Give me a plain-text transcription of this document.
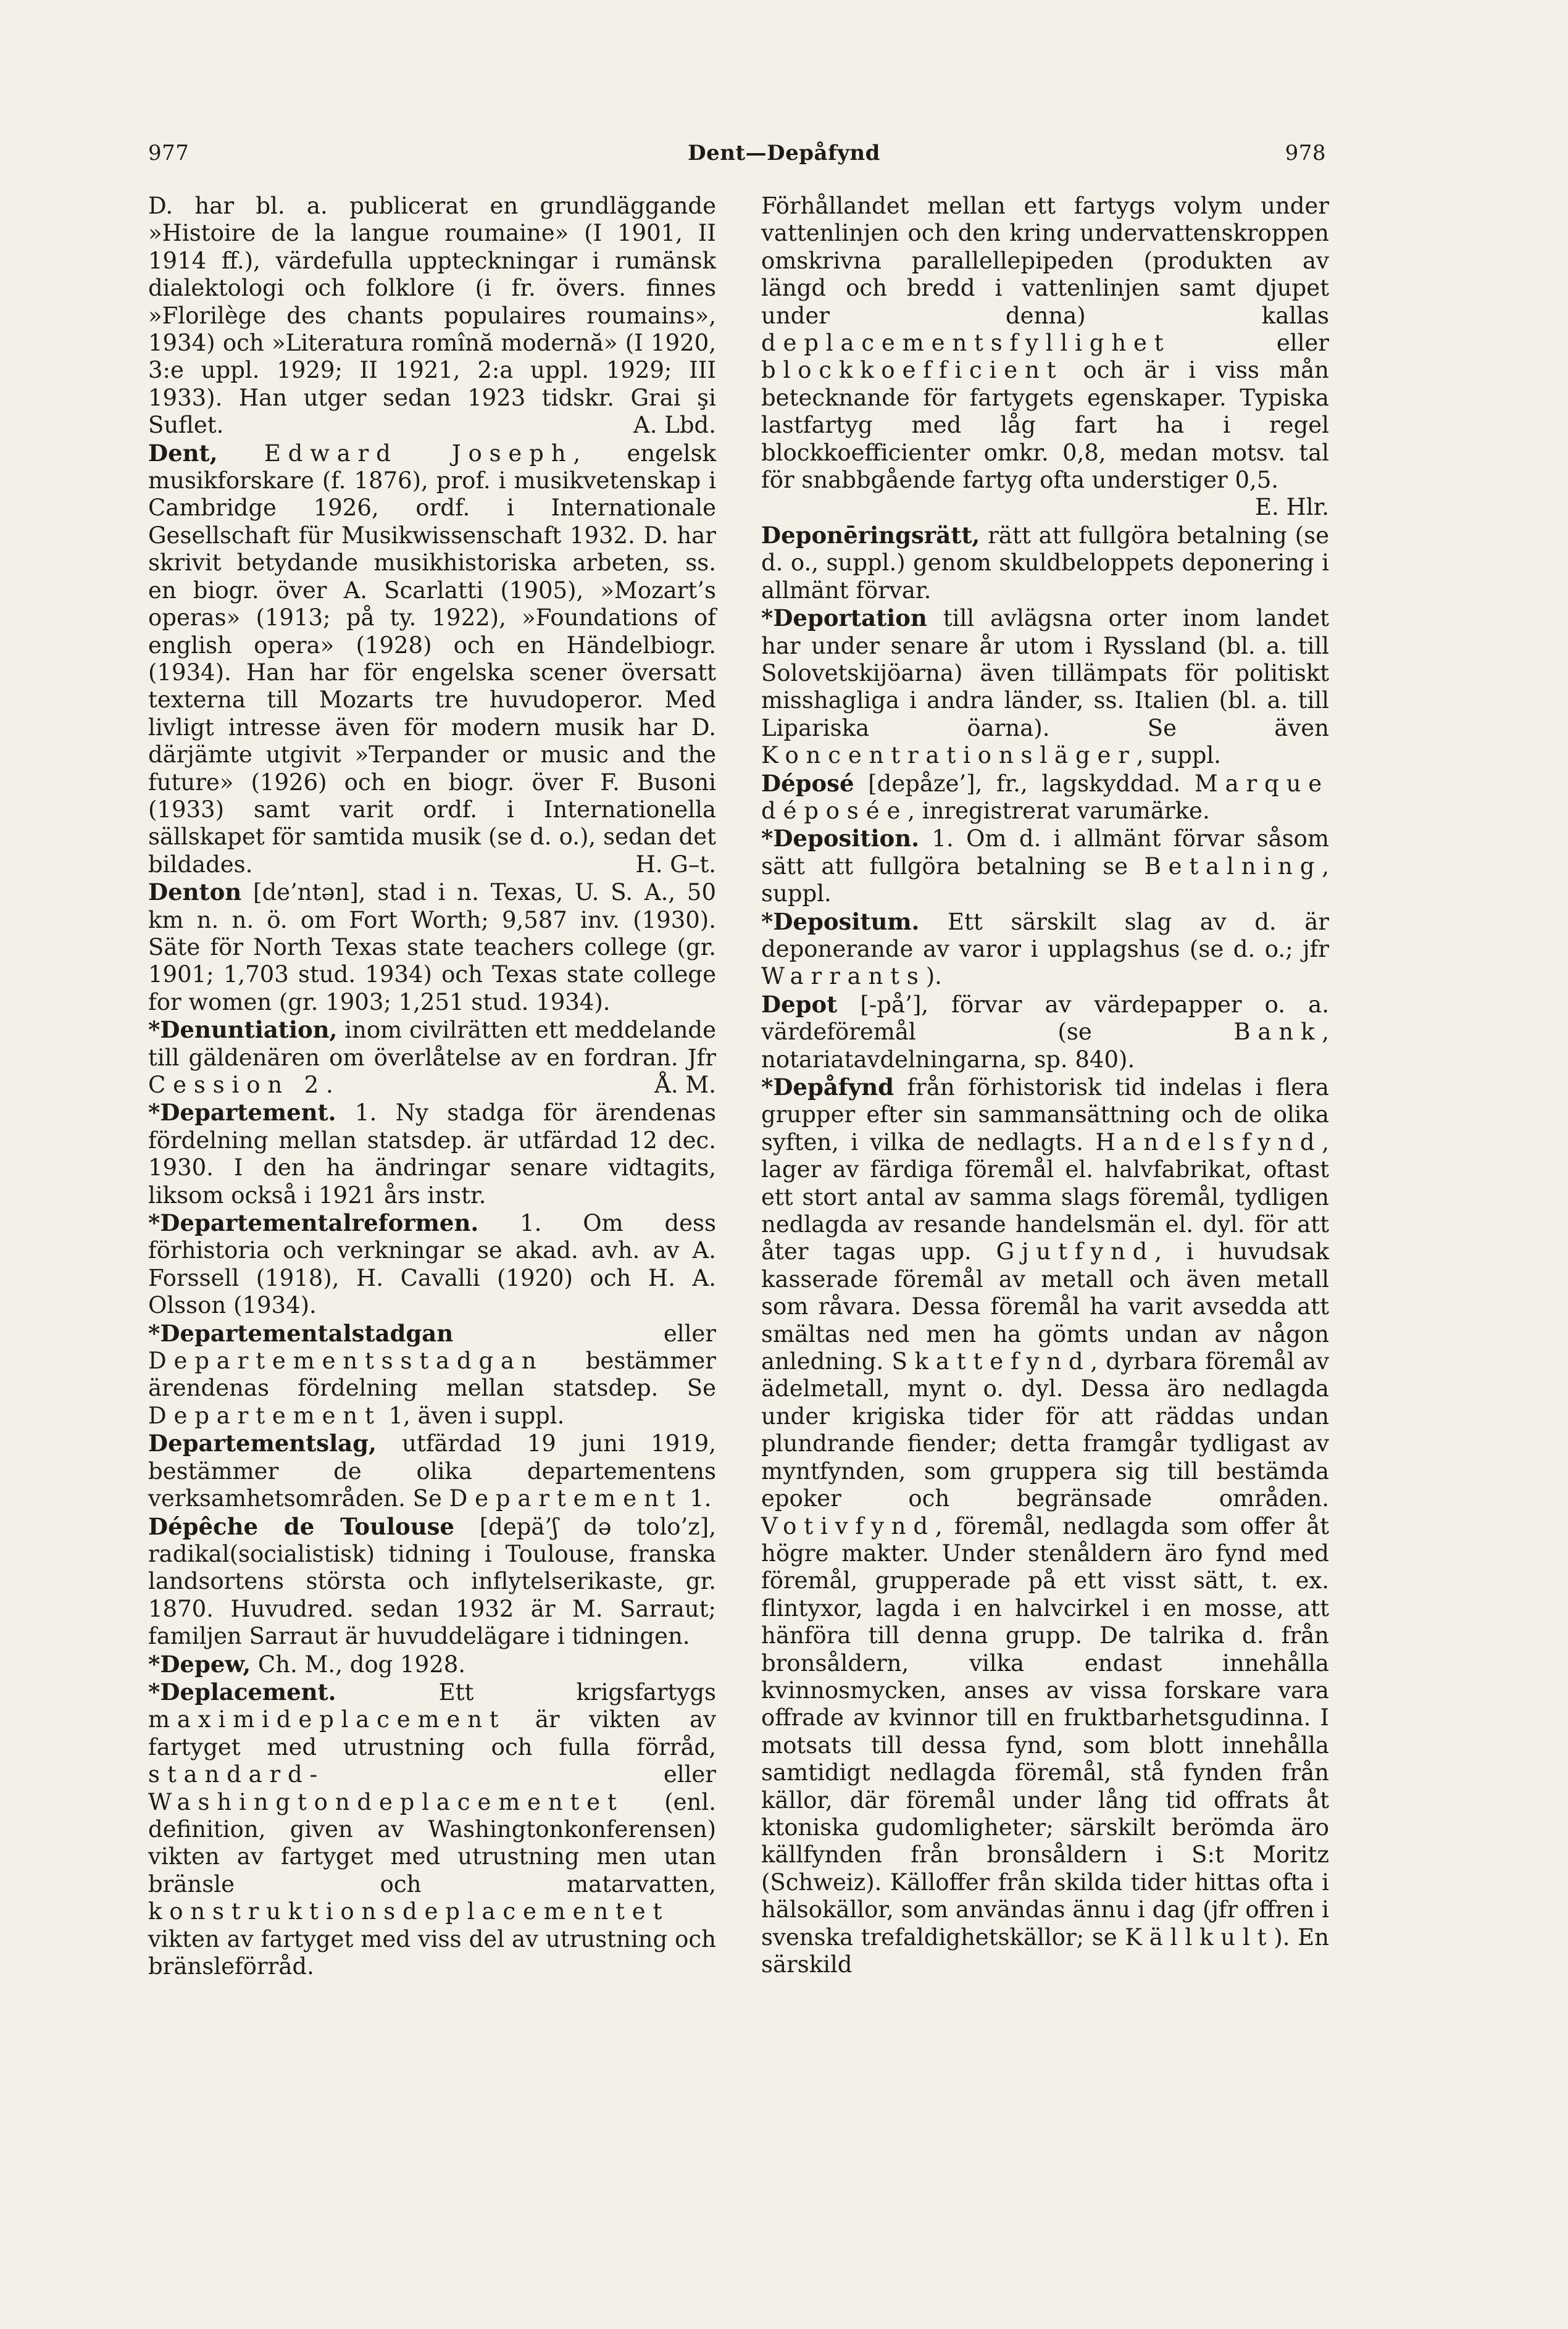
977	Dent—Depåfynd	978

D. har bl. a. publicerat en grundläggande »Histoire de la langue roumaine» (I 1901, II 1914 ff.), värdefulla uppteckningar i rumänsk dialektologi och folklore (i fr. övers. finnes »Florilège des chants populaires roumains», 1934) och »Literatura romînă modernă» (I 1920, 3:e uppl. 1929; II 1921, 2:a uppl. 1929; III 1933). Han utger sedan 1923 tidskr. Grai şi Suflet.	A. Lbd.

Dent, Edward Joseph, engelsk musikforskare (f. 1876), prof. i musikvetenskap i Cambridge 1926, ordf. i Internationale Gesellschaft für Musikwissenschaft 1932. D. har skrivit betydande musikhistoriska arbeten, ss. en biogr. över A. Scarlatti (1905), »Mozart’s operas» (1913; på ty. 1922), »Foundations of english opera» (1928) och en Händelbiogr. (1934). Han har för engelska scener översatt texterna till Mozarts tre huvudoperor. Med livligt intresse även för modern musik har D. därjämte utgivit »Terpander or music and the future» (1926) och en biogr. över F. Busoni (1933) samt varit ordf. i Internationella sällskapet för samtida musik (se d. o.), sedan det bildades.	H. G–t.

Denton [de’ntən], stad i n. Texas, U. S. A., 50 km n. n. ö. om Fort Worth; 9,587 inv. (1930). Säte för North Texas state teachers college (gr. 1901; 1,703 stud. 1934) och Texas state college for women (gr. 1903; 1,251 stud. 1934).

*Denuntiation, inom civilrätten ett meddelande till gäldenären om överlåtelse av en fordran. Jfr Cession 2.	Å. M.

*Departement. 1. Ny stadga för ärendenas fördelning mellan statsdep. är utfärdad 12 dec. 1930. I den ha ändringar senare vidtagits, liksom också i 1921 års instr.

*Departementalreformen. 1. Om dess förhistoria och verkningar se akad. avh. av A. Forssell (1918), H. Cavalli (1920) och H. A. Olsson (1934).

*Departementalstadgan eller Departementsstadgan bestämmer ärendenas fördelning mellan statsdep. Se Departement 1, även i suppl.

Departementslag, utfärdad 19 juni 1919, bestämmer de olika departementens verksamhetsområden. Se Departement 1.

Dépêche de Toulouse [depä’ʃ də tolo’z], radikal(socialistisk) tidning i Toulouse, franska landsortens största och inflytelserikaste, gr. 1870. Huvudred. sedan 1932 är M. Sarraut; familjen Sarraut är huvuddelägare i tidningen.

*Depew, Ch. M., dog 1928.

*Deplacement. Ett krigsfartygs maximideplacement är vikten av fartyget med utrustning och fulla förråd, standard- eller Washingtondeplacementet (enl. definition, given av Washingtonkonferensen) vikten av fartyget med utrustning men utan bränsle och matarvatten, konstruktionsdeplacementet vikten av fartyget med viss del av utrustning och bränsleförråd.

Förhållandet mellan ett fartygs volym under vattenlinjen och den kring undervattenskroppen omskrivna parallellepipeden (produkten av längd och bredd i vattenlinjen samt djupet under denna) kallas deplacementsfyllighet eller blockkoefficient och är i viss mån betecknande för fartygets egenskaper. Typiska lastfartyg med låg fart ha i regel blockkoefficienter omkr. 0,8, medan motsv. tal för snabbgående fartyg ofta understiger 0,5.
E. Hlr.

Deponēringsrätt, rätt att fullgöra betalning (se d. o., suppl.) genom skuldbeloppets deponering i allmänt förvar.

*Deportation till avlägsna orter inom landet har under senare år utom i Ryssland (bl. a. till Solovetskijöarna) även tillämpats för politiskt misshagliga i andra länder, ss. Italien (bl. a. till Lipariska öarna). Se även Koncentrationsläger, suppl.

Déposé [depåze’], fr., lagskyddad. Marque déposée, inregistrerat varumärke.

*Deposition. 1. Om d. i allmänt förvar såsom sätt att fullgöra betalning se Betalning, suppl.

*Depositum. Ett särskilt slag av d. är deponerande av varor i upplagshus (se d. o.; jfr Warrants).

Depot [-på’], förvar av värdepapper o. a. värdeföremål (se Bank, notariatavdelningarna, sp. 840).

*Depåfynd från förhistorisk tid indelas i flera grupper efter sin sammansättning och de olika syften, i vilka de nedlagts. Handelsfynd, lager av färdiga föremål el. halvfabrikat, oftast ett stort antal av samma slags föremål, tydligen nedlagda av resande handelsmän el. dyl. för att åter tagas upp. Gjutfynd, i huvudsak kasserade föremål av metall och även metall som råvara. Dessa föremål ha varit avsedda att smältas ned men ha gömts undan av någon anledning. Skattefynd, dyrbara föremål av ädelmetall, mynt o. dyl. Dessa äro nedlagda under krigiska tider för att räddas undan plundrande fiender; detta framgår tydligast av myntfynden, som gruppera sig till bestämda epoker och begränsade områden. Votivfynd, föremål, nedlagda som offer åt högre makter. Under stenåldern äro fynd med föremål, grupperade på ett visst sätt, t. ex. flintyxor, lagda i en halvcirkel i en mosse, att hänföra till denna grupp. De talrika d. från bronsåldern, vilka endast innehålla kvinnosmycken, anses av vissa forskare vara offrade av kvinnor till en fruktbarhetsgudinna. I motsats till dessa fynd, som blott innehålla samtidigt nedlagda föremål, stå fynden från källor, där föremål under lång tid offrats åt ktoniska gudomligheter; särskilt berömda äro källfynden från bronsåldern i S:t Moritz (Schweiz). Källoffer från skilda tider hittas ofta i hälsokällor, som användas ännu i dag (jfr offren i svenska trefaldighetskällor; se Källkult). En särskild
